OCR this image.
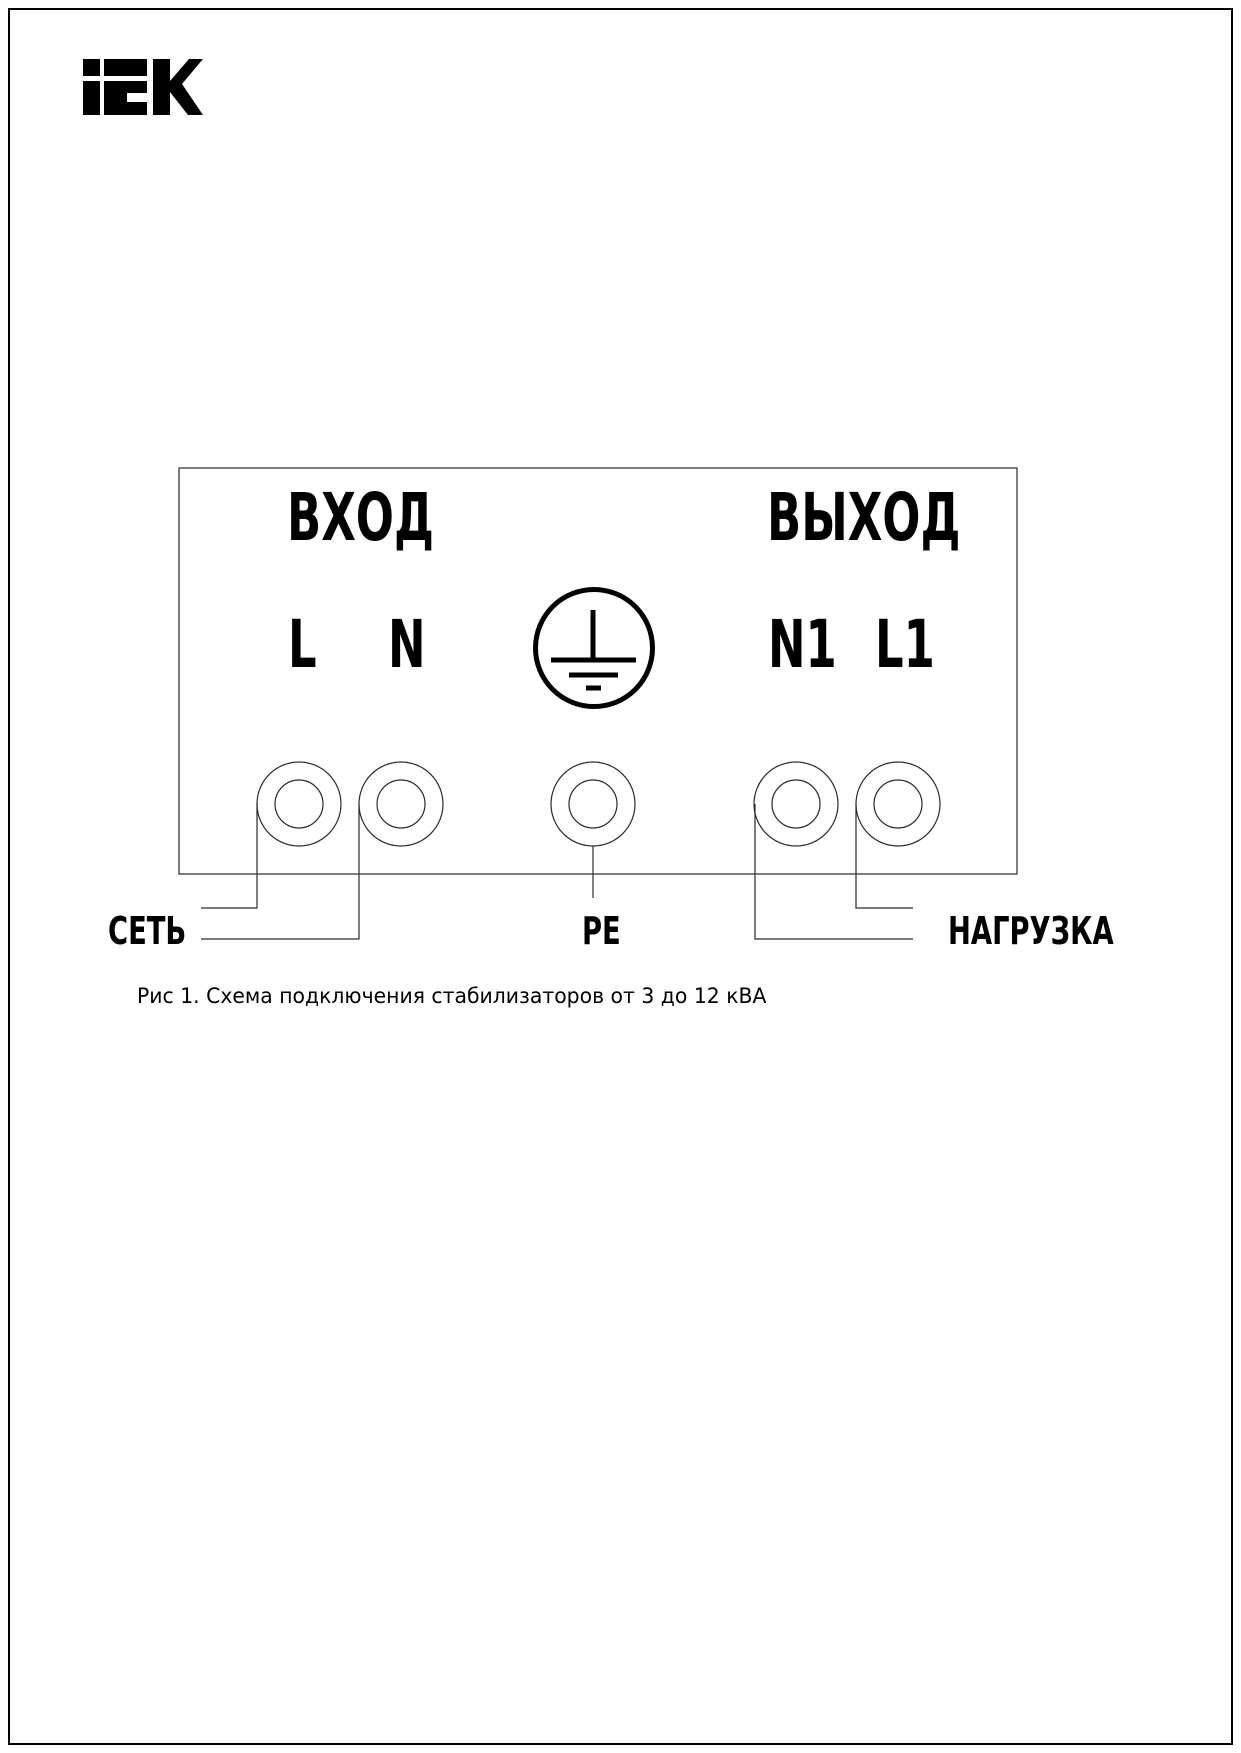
ВХОД	ВЫХОД
L N	N1 L1
СЕТЬ	PE	НАГРУЗКА
Рис 1. Схема подключения стабилизаторов от 3 до 12 кВА
